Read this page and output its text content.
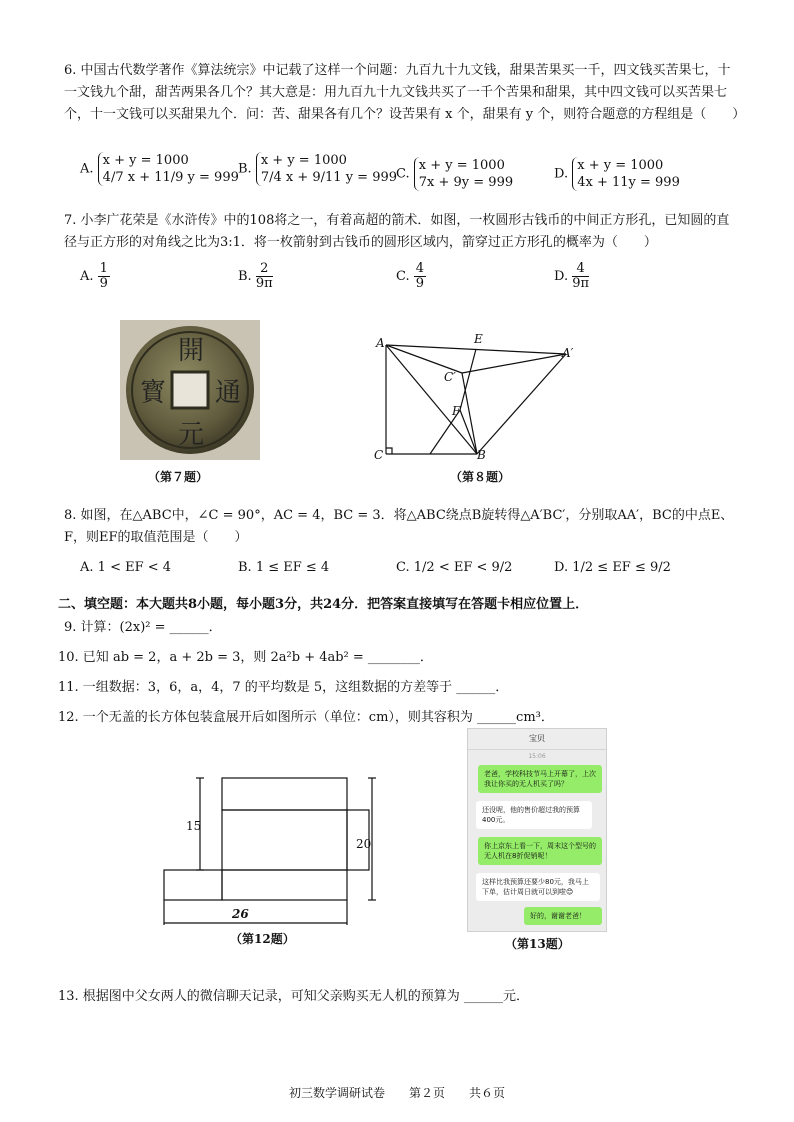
6. 中国古代数学著作《算法统宗》中记载了这样一个问题：九百九十九文钱，甜果苦果买一千，四文钱买苦果七，十一文钱九个甜，甜苦两果各几个？其大意是：用九百九十九文钱共买了一千个苦果和甜果，其中四文钱可以买苦果七个，十一文钱可以买甜果九个．问：苦、甜果各有几个？设苦果有 x 个，甜果有 y 个，则符合题意的方程组是（　　）
A.
x + y = 1000
4/7 x + 11/9 y = 999
B.
x + y = 1000
7/4 x + 9/11 y = 999
C.
x + y = 1000
7x + 9y = 999
D.
x + y = 1000
4x + 11y = 999
7. 小李广花荣是《水浒传》中的108将之一，有着高超的箭术．如图，一枚圆形古钱币的中间正方形孔，已知圆的直径与正方形的对角线之比为3:1．将一枚箭射到古钱币的圆形区域内，箭穿过正方形孔的概率为（　　）
A. $\frac{1}{9}$	B. $\frac{2}{9\pi}$	C. $\frac{4}{9}$	D. $\frac{4}{9\pi}$
開
通
元
寳
（第７题）
A	E
A′
C′
F
C	B
（第８题）
8. 如图，在△ABC中，∠C = 90°，AC = 4，BC = 3．将△ABC绕点B旋转得△A′BC′，分别取AA′，BC的中点E、F，则EF的取值范围是（　　）
A. 1 < EF < 4	B. 1 ≤ EF ≤ 4	C. 1/2 < EF < 9/2	D. 1/2 ≤ EF ≤ 9/2
二、填空题：本大题共8小题，每小题3分，共24分．把答案直接填写在答题卡相应位置上．
9. 计算：(2x)² = ______．
10. 已知 ab = 2，a + 2b = 3，则 2a²b + 4ab² = ________．
11. 一组数据：3，6，a，4，7 的平均数是 5，这组数据的方差等于 ______．
12. 一个无盖的长方体包装盒展开后如图所示（单位：cm），则其容积为 ______cm³．
15
20
26
（第12题）
宝贝
15:06
老爸，学校科技节马上开幕了，上次我让你买的无人机买了吗？
还没呢，他的售价超过我的预算400元。
你上京东上看一下，周末这个型号的无人机在8折促销呢！
这样比我预算还要少80元，我马上下单，估计周日就可以到啦😊
好的，谢谢老爸！
（第13题）
13. 根据图中父女两人的微信聊天记录，可知父亲购买无人机的预算为 ______元．
初三数学调研试卷　　第２页　　共６页
